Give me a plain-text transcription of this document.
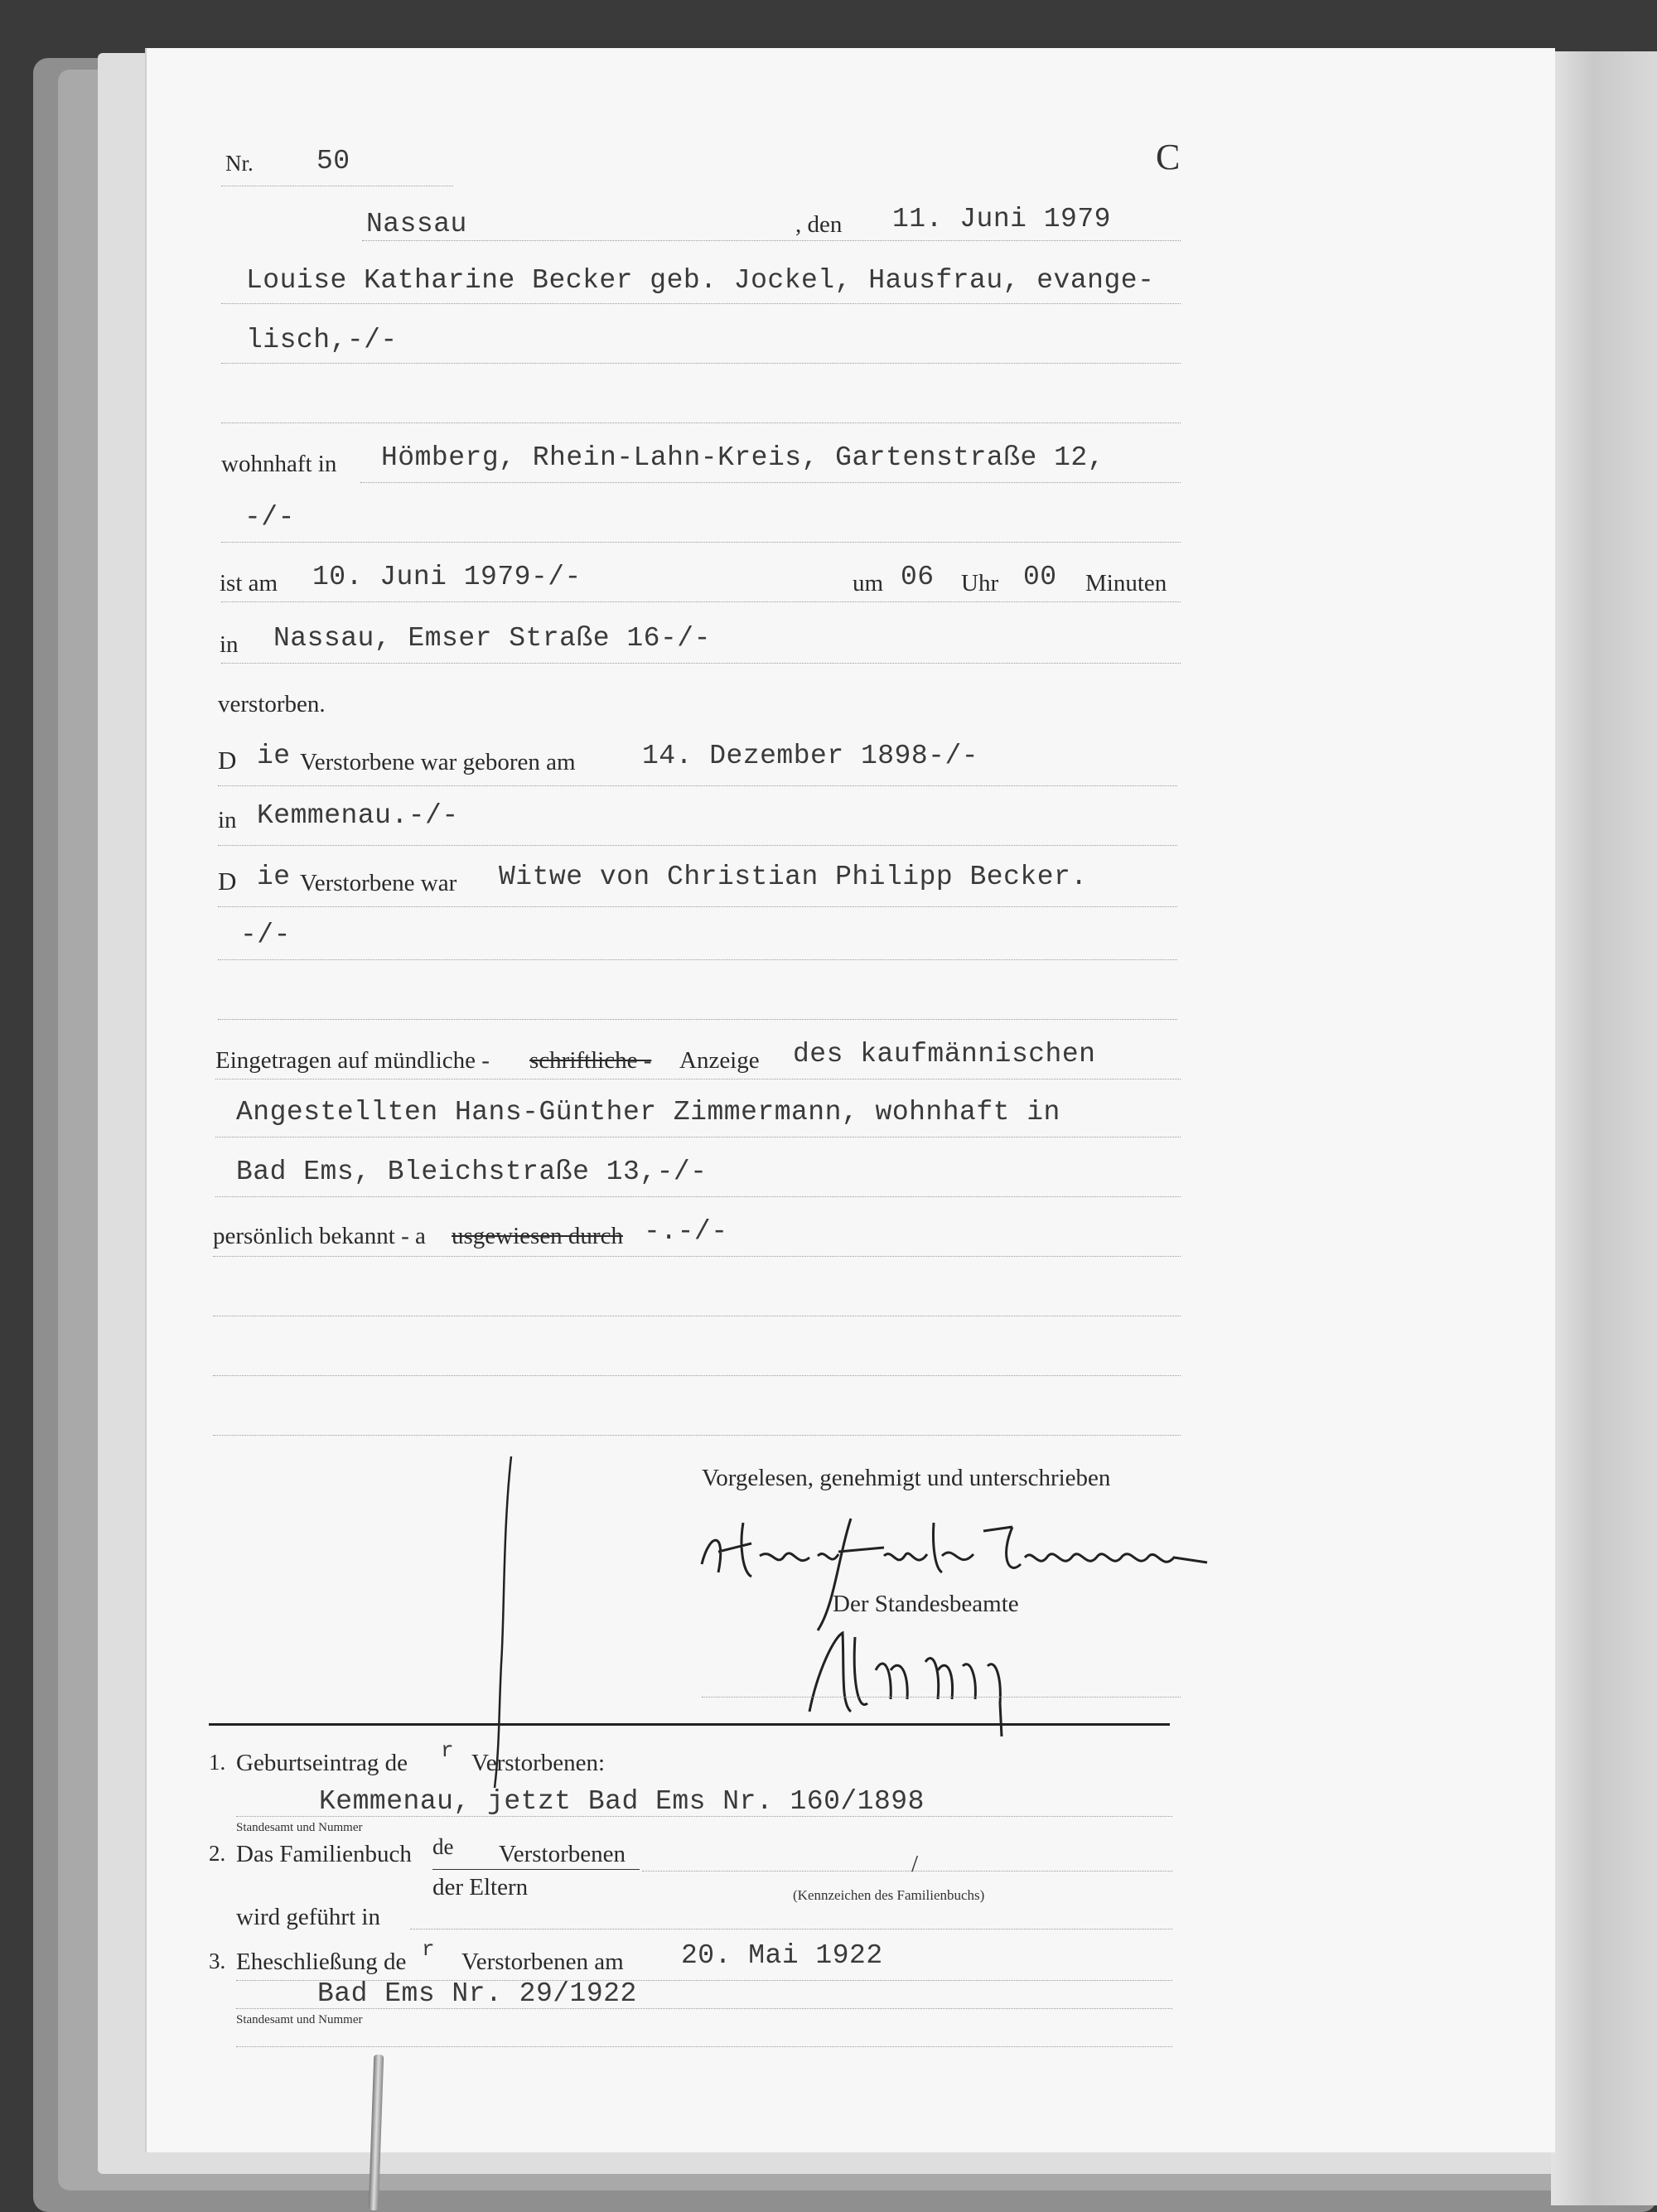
Nr. 50	C
Nassau	, den 11. Juni 1979
Louise Katharine Becker geb. Jockel, Hausfrau, evange-
lisch,-/-
wohnhaft in Hömberg, Rhein-Lahn-Kreis, Gartenstraße 12,
-/-
ist am 10. Juni 1979-/-	um 06 Uhr 00 Minuten
in Nassau, Emser Straße 16-/-
verstorben.
D ie Verstorbene war geboren am 14. Dezember 1898-/-
in Kemmenau.-/-
D ie Verstorbene war Witwe von Christian Philipp Becker.
-/-
Eingetragen auf mündliche - schriftliche - Anzeige des kaufmännischen
Angestellten Hans-Günther Zimmermann, wohnhaft in
Bad Ems, Bleichstraße 13,-/-
persönlich bekannt - a usgewiesen durch -.-/-
Vorgelesen, genehmigt und unterschrieben
Der Standesbeamte
1. Geburtseintrag de r Verstorbenen:
Kemmenau, jetzt Bad Ems Nr. 160/1898
Standesamt und Nummer
2. Das Familienbuch de Verstorbenen
der Eltern
/
(Kennzeichen des Familienbuchs)
wird geführt in
3. Eheschließung de r Verstorbenen am 20. Mai 1922
Bad Ems Nr. 29/1922
Standesamt und Nummer
